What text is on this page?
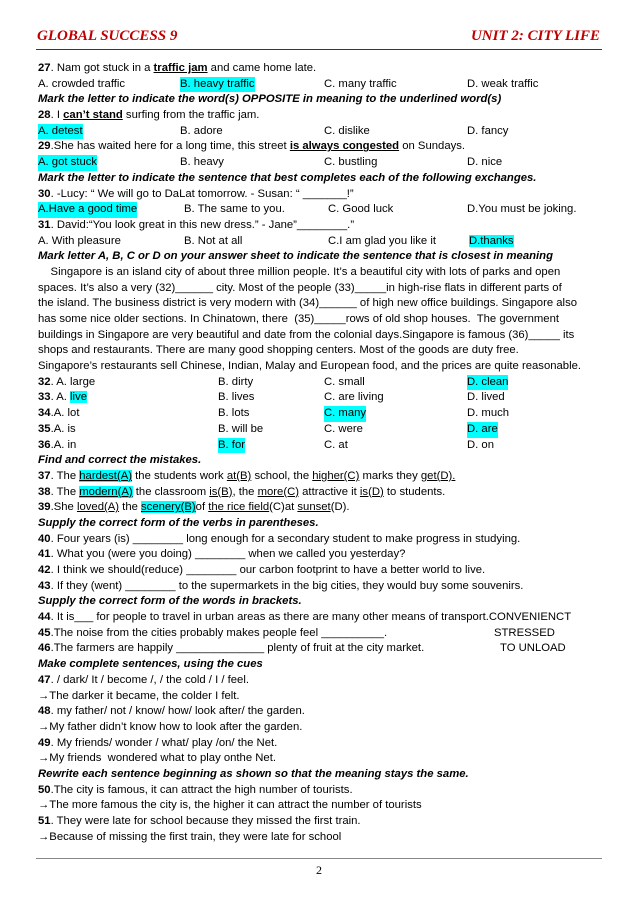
GLOBAL SUCCESS 9	UNIT 2: CITY LIFE
27. Nam got stuck in a traffic jam and came home late.
A. crowded traffic	B. heavy traffic	C. many traffic	D. weak traffic
Mark the letter to indicate the word(s) OPPOSITE in meaning to the underlined word(s)
28. I can’t stand surfing from the traffic jam.
A. detest	B. adore	C. dislike	D. fancy
29.She has waited here for a long time, this street is always congested on Sundays.
A. got stuck	B. heavy	C. bustling	D. nice
Mark the letter to indicate the sentence that best completes each of the following exchanges.
30. -Lucy: “ We will go to DaLat tomorrow. - Susan: “ _______!”
A.Have a good time	B. The same to you.	C. Good luck	D.You must be joking.
31. David:“You look great in this new dress.” - Jane”________.”
A. With pleasure	B. Not at all	C.I am glad you like it	D.thanks
Mark letter A, B, C or D on your answer sheet to indicate the sentence that is closest in meaning
Singapore is an island city of about three million people. It’s a beautiful city with lots of parks and open
spaces. It’s also a very (32)______ city. Most of the people (33)_____in high-rise flats in different parts of
the island. The business district is very modern with (34)______ of high new office buildings. Singapore also
has some nice older sections. In Chinatown, there  (35)_____rows of old shop houses.  The government
buildings in Singapore are very beautiful and date from the colonial days.Singapore is famous (36)_____ its
shops and restaurants. There are many good shopping centers. Most of the goods are duty free.
Singapore’s restaurants sell Chinese, Indian, Malay and European food, and the prices are quite reasonable.
32. A. large	B. dirty	C. small	D. clean
33. A. live	B. lives	C. are living	D. lived
34.A. lot	B. lots	C. many	D. much
35.A. is	B. will be	C. were	D. are
36.A. in	B. for	C. at	D. on
Find and correct the mistakes.
37. The hardest(A) the students work at(B) school, the higher(C) marks they get(D).
38. The modern(A) the classroom is(B), the more(C) attractive it is(D) to students.
39.She loved(A) the scenery(B)of the rice field(C)at sunset(D).
Supply the correct form of the verbs in parentheses.
40. Four years (is) ________ long enough for a secondary student to make progress in studying.
41. What you (were you doing) ________ when we called you yesterday?
42. I think we should(reduce) ________ our carbon footprint to have a better world to live.
43. If they (went) ________ to the supermarkets in the big cities, they would buy some souvenirs.
Supply the correct form of the words in brackets.
44. It is___ for people to travel in urban areas as there are many other means of transport.CONVENIENCT
45.The noise from the cities probably makes people feel __________.	STRESSED
46.The farmers are happily ______________ plenty of fruit at the city market.	TO UNLOAD
Make complete sentences, using the cues
47. / dark/ It / become /, / the cold / I / feel.
→The darker it became, the colder I felt.
48. my father/ not / know/ how/ look after/ the garden.
→My father didn’t know how to look after the garden.
49. My friends/ wonder / what/ play /on/ the Net.
→My friends  wondered what to play onthe Net.
Rewrite each sentence beginning as shown so that the meaning stays the same.
50.The city is famous, it can attract the high number of tourists.
→The more famous the city is, the higher it can attract the number of tourists
51. They were late for school because they missed the first train.
→Because of missing the first train, they were late for school
2
